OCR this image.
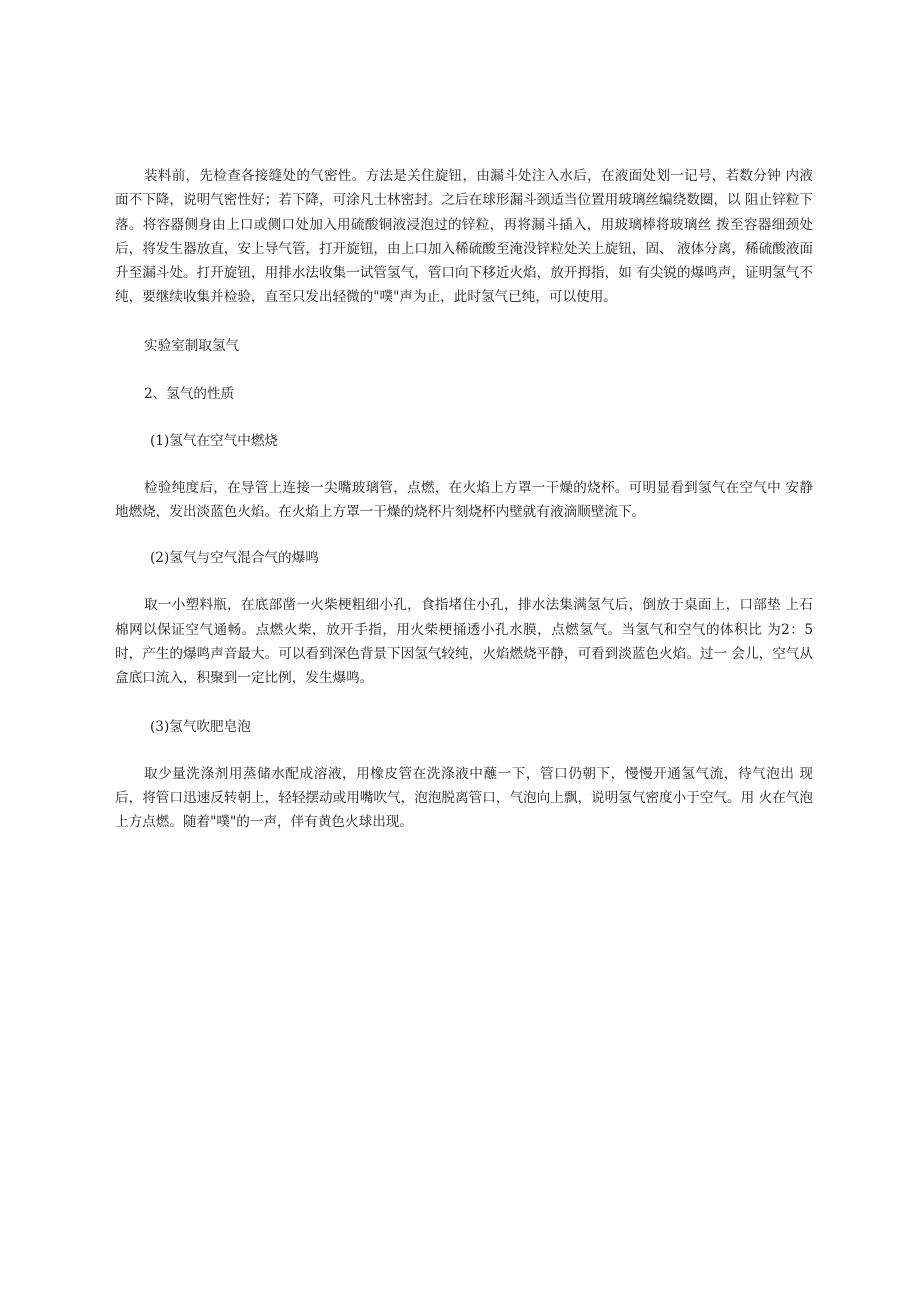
装料前，先检查各接缝处的气密性。方法是关住旋钮，由漏斗处注入水后，在液面处划一记号，若数分钟 内液面不下降，说明气密性好；若下降，可涂凡士林密封。之后在球形漏斗颈适当位置用玻璃丝编绕数圈，以 阻止锌粒下落。将容器侧身由上口或侧口处加入用硫酸铜液浸泡过的锌粒，再将漏斗插入，用玻璃棒将玻璃丝 拨至容器细颈处后，将发生器放直，安上导气管，打开旋钮，由上口加入稀硫酸至淹没锌粒处关上旋钮，固、 液体分离，稀硫酸液面升至漏斗处。打开旋钮，用排水法收集一试管氢气，管口向下移近火焰，放开拇指，如 有尖锐的爆鸣声，证明氢气不纯，要继续收集并检验，直至只发出轻微的"噗"声为止，此时氢气已纯，可以使用。

实验室制取氢气

2、氢气的性质

(1)氢气在空气中燃烧

检验纯度后，在导管上连接一尖嘴玻璃管，点燃，在火焰上方罩一干燥的烧杯。可明显看到氢气在空气中 安静地燃烧，发出淡蓝色火焰。在火焰上方罩一干燥的烧杯片刻烧杯内壁就有液滴顺壁流下。

(2)氢气与空气混合气的爆鸣

取一小塑料瓶，在底部凿一火柴梗粗细小孔，食指堵住小孔，排水法集满氢气后，倒放于桌面上，口部垫 上石棉网以保证空气通畅。点燃火柴，放开手指，用火柴梗捅透小孔水膜，点燃氢气。当氢气和空气的体积比 为2：5时，产生的爆鸣声音最大。可以看到深色背景下因氢气较纯，火焰燃烧平静，可看到淡蓝色火焰。过一 会儿，空气从盒底口流入，积聚到一定比例，发生爆鸣。

(3)氢气吹肥皂泡

取少量洗涤剂用蒸储水配成溶液，用橡皮管在洗涤液中蘸一下，管口仍朝下，慢慢开通氢气流，待气泡出 现后，将管口迅速反转朝上，轻轻摆动或用嘴吹气，泡泡脱离管口，气泡向上飘，说明氢气密度小于空气。用 火在气泡上方点燃。随着"噗"的一声，伴有黄色火球出现。
